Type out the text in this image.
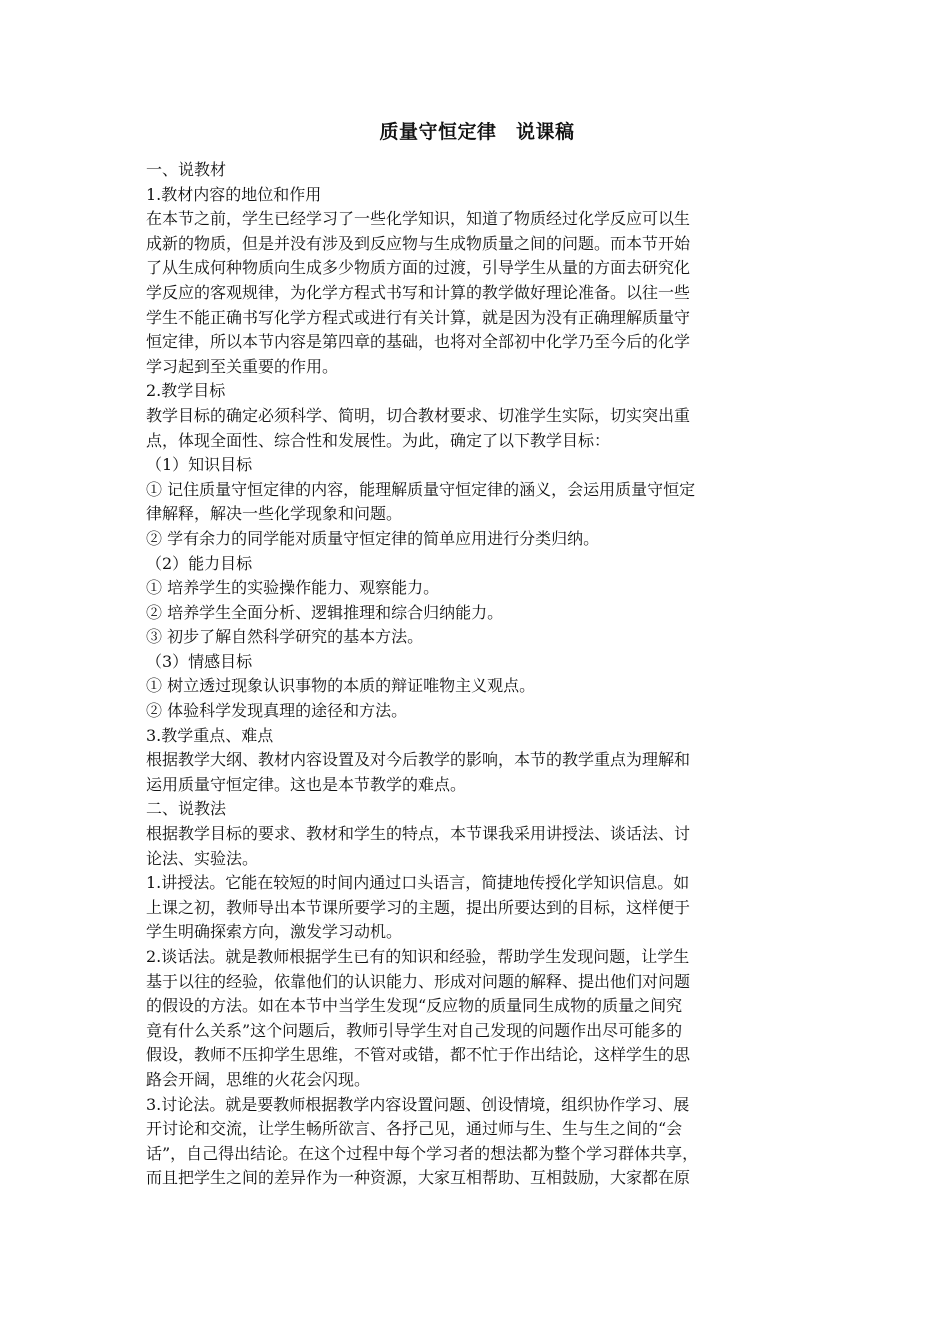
质量守恒定律　说课稿
一、说教材
1.教材内容的地位和作用
在本节之前，学生已经学习了一些化学知识，知道了物质经过化学反应可以生
成新的物质，但是并没有涉及到反应物与生成物质量之间的问题。而本节开始
了从生成何种物质向生成多少物质方面的过渡，引导学生从量的方面去研究化
学反应的客观规律，为化学方程式书写和计算的教学做好理论准备。以往一些
学生不能正确书写化学方程式或进行有关计算，就是因为没有正确理解质量守
恒定律，所以本节内容是第四章的基础，也将对全部初中化学乃至今后的化学
学习起到至关重要的作用。
2.教学目标
教学目标的确定必须科学、简明，切合教材要求、切准学生实际，切实突出重
点，体现全面性、综合性和发展性。为此，确定了以下教学目标：
（1）知识目标
① 记住质量守恒定律的内容，能理解质量守恒定律的涵义，会运用质量守恒定
律解释，解决一些化学现象和问题。
② 学有余力的同学能对质量守恒定律的简单应用进行分类归纳。
（2）能力目标
① 培养学生的实验操作能力、观察能力。
② 培养学生全面分析、逻辑推理和综合归纳能力。
③ 初步了解自然科学研究的基本方法。
（3）情感目标
① 树立透过现象认识事物的本质的辩证唯物主义观点。
② 体验科学发现真理的途径和方法。
3.教学重点、难点
根据教学大纲、教材内容设置及对今后教学的影响，本节的教学重点为理解和
运用质量守恒定律。这也是本节教学的难点。
二、说教法
根据教学目标的要求、教材和学生的特点，本节课我采用讲授法、谈话法、讨
论法、实验法。
1.讲授法。它能在较短的时间内通过口头语言，简捷地传授化学知识信息。如
上课之初，教师导出本节课所要学习的主题，提出所要达到的目标，这样便于
学生明确探索方向，激发学习动机。
2.谈话法。就是教师根据学生已有的知识和经验，帮助学生发现问题，让学生
基于以往的经验，依靠他们的认识能力、形成对问题的解释、提出他们对问题
的假设的方法。如在本节中当学生发现“反应物的质量同生成物的质量之间究
竟有什么关系”这个问题后，教师引导学生对自己发现的问题作出尽可能多的
假设，教师不压抑学生思维，不管对或错，都不忙于作出结论，这样学生的思
路会开阔，思维的火花会闪现。
3.讨论法。就是要教师根据教学内容设置问题、创设情境，组织协作学习、展
开讨论和交流，让学生畅所欲言、各抒己见，通过师与生、生与生之间的“会
话”，自己得出结论。在这个过程中每个学习者的想法都为整个学习群体共享，
而且把学生之间的差异作为一种资源，大家互相帮助、互相鼓励，大家都在原
